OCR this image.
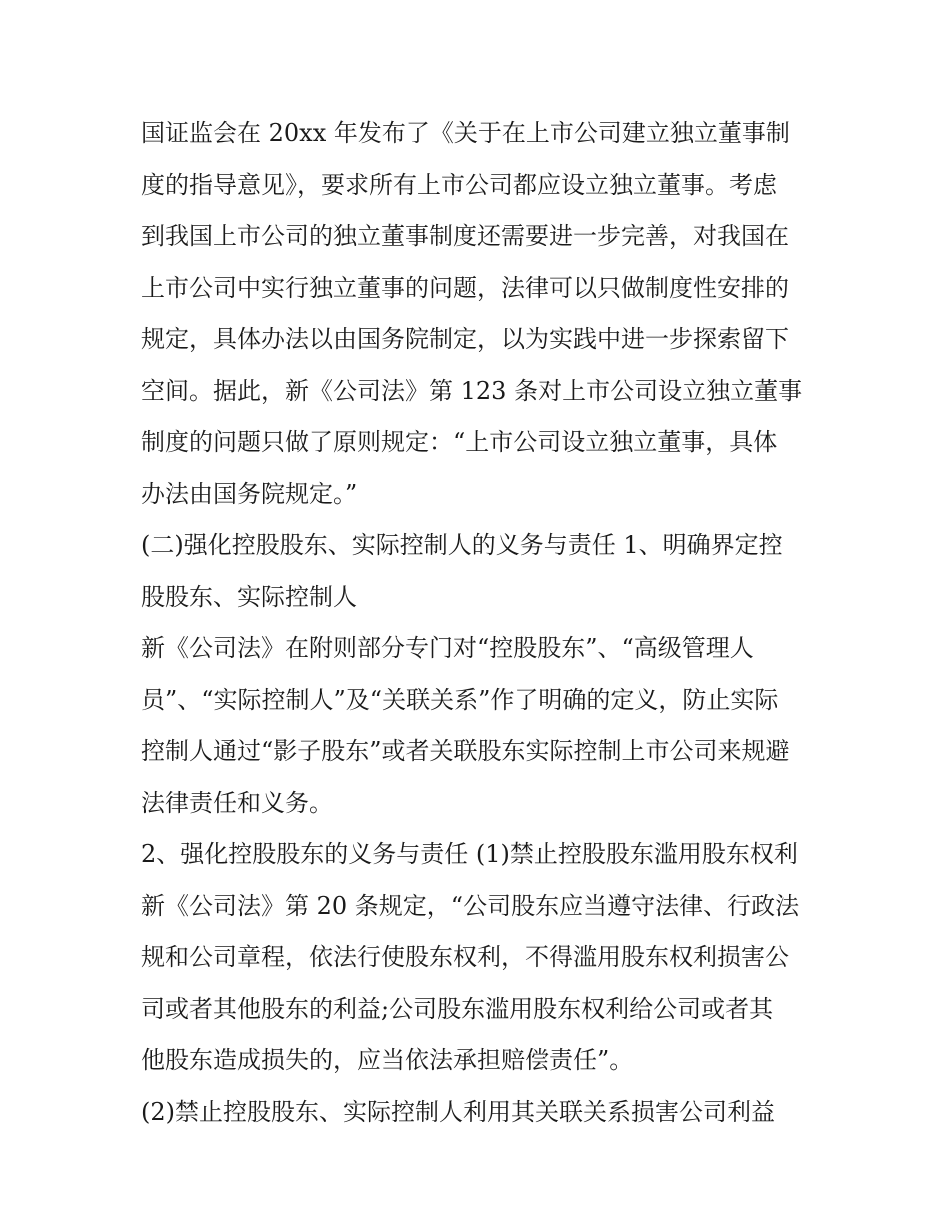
国证监会在 20xx 年发布了《关于在上市公司建立独立董事制
度的指导意见》，要求所有上市公司都应设立独立董事。考虑
到我国上市公司的独立董事制度还需要进一步完善，对我国在
上市公司中实行独立董事的问题，法律可以只做制度性安排的
规定，具体办法以由国务院制定，以为实践中进一步探索留下
空间。据此，新《公司法》第 123 条对上市公司设立独立董事
制度的问题只做了原则规定：“上市公司设立独立董事，具体
办法由国务院规定。”
(二)强化控股股东、实际控制人的义务与责任 1、明确界定控
股股东、实际控制人
新《公司法》在附则部分专门对“控股股东”、“高级管理人
员”、“实际控制人”及“关联关系”作了明确的定义，防止实际
控制人通过“影子股东”或者关联股东实际控制上市公司来规避
法律责任和义务。
2、强化控股股东的义务与责任 (1)禁止控股股东滥用股东权利
新《公司法》第 20 条规定，“公司股东应当遵守法律、行政法
规和公司章程，依法行使股东权利，不得滥用股东权利损害公
司或者其他股东的利益;公司股东滥用股东权利给公司或者其
他股东造成损失的，应当依法承担赔偿责任”。
(2)禁止控股股东、实际控制人利用其关联关系损害公司利益
